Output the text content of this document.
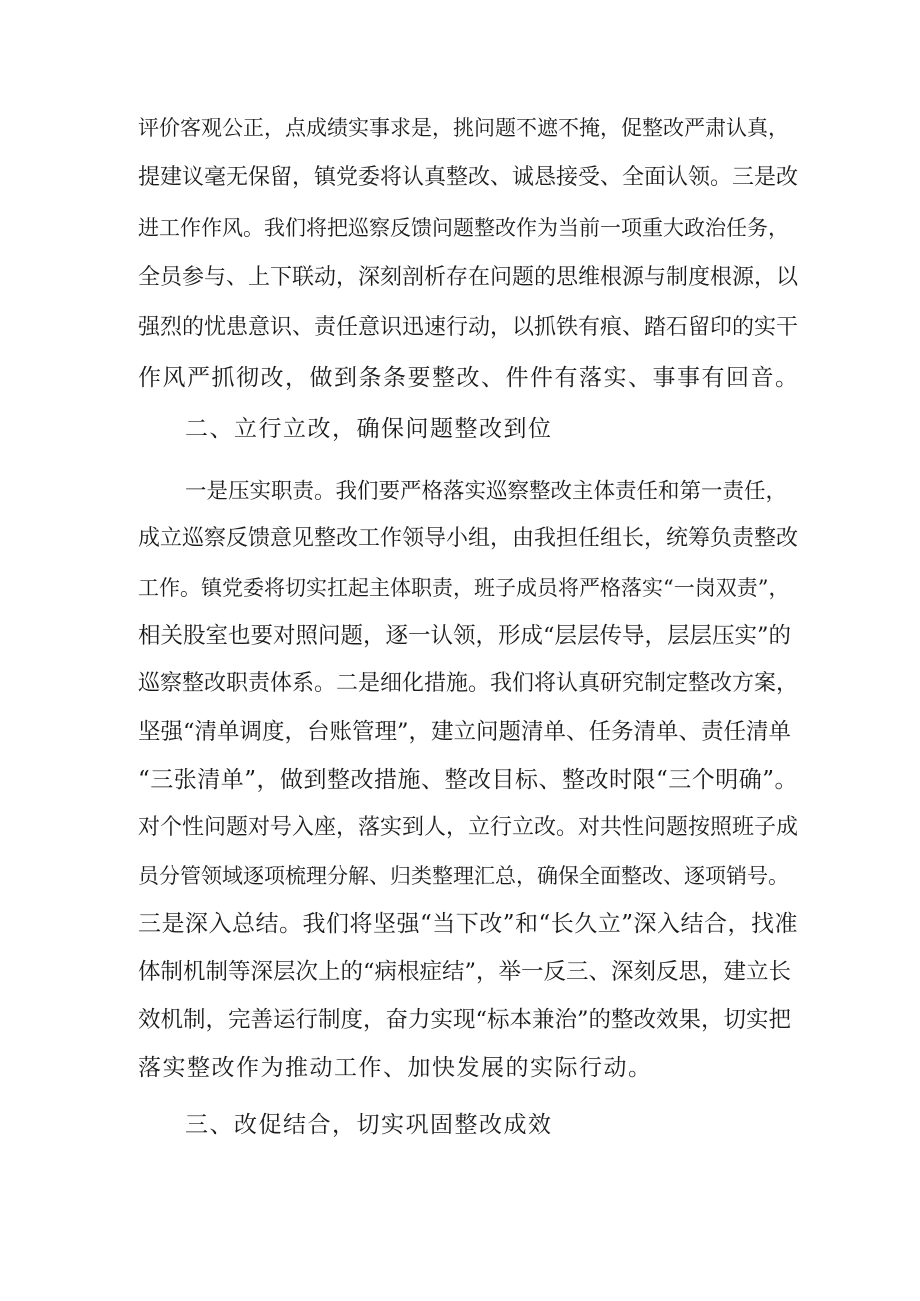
评价客观公正，点成绩实事求是，挑问题不遮不掩，促整改严肃认真，
提建议毫无保留，镇党委将认真整改、诚恳接受、全面认领。三是改
进工作作风。我们将把巡察反馈问题整改作为当前一项重大政治任务，
全员参与、上下联动，深刻剖析存在问题的思维根源与制度根源，以
强烈的忧患意识、责任意识迅速行动，以抓铁有痕、踏石留印的实干
作风严抓彻改，做到条条要整改、件件有落实、事事有回音。
二、立行立改，确保问题整改到位
一是压实职责。我们要严格落实巡察整改主体责任和第一责任，
成立巡察反馈意见整改工作领导小组，由我担任组长，统筹负责整改
工作。镇党委将切实扛起主体职责，班子成员将严格落实“一岗双责”，
相关股室也要对照问题，逐一认领，形成“层层传导，层层压实”的
巡察整改职责体系。二是细化措施。我们将认真研究制定整改方案，
坚强“清单调度，台账管理”，建立问题清单、任务清单、责任清单
“三张清单”，做到整改措施、整改目标、整改时限“三个明确”。
对个性问题对号入座，落实到人，立行立改。对共性问题按照班子成
员分管领域逐项梳理分解、归类整理汇总，确保全面整改、逐项销号。
三是深入总结。我们将坚强“当下改”和“长久立”深入结合，找准
体制机制等深层次上的“病根症结”，举一反三、深刻反思，建立长
效机制，完善运行制度，奋力实现“标本兼治”的整改效果，切实把
落实整改作为推动工作、加快发展的实际行动。
三、改促结合，切实巩固整改成效
